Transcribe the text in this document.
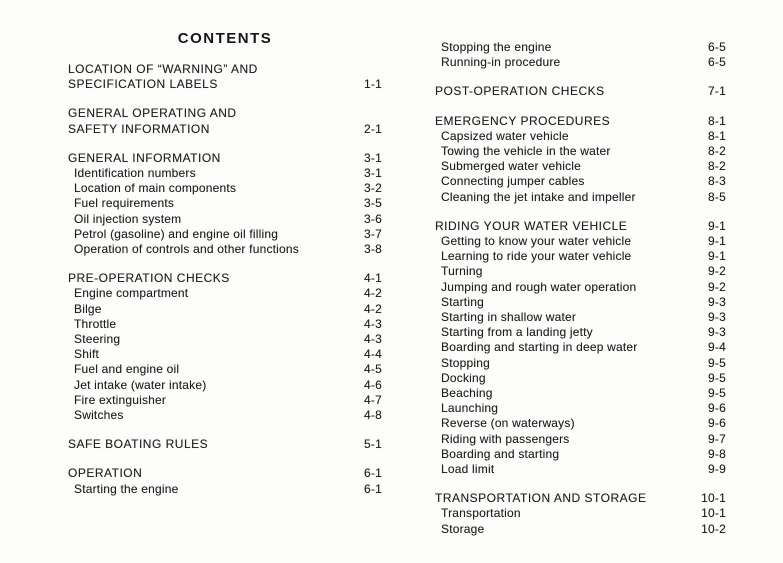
CONTENTS
LOCATION OF “WARNING” AND SPECIFICATION LABELS	1-1
GENERAL OPERATING AND SAFETY INFORMATION	2-1
GENERAL INFORMATION	3-1
Identification numbers	3-1
Location of main components	3-2
Fuel requirements	3-5
Oil injection system	3-6
Petrol (gasoline) and engine oil filling	3-7
Operation of controls and other functions	3-8
PRE-OPERATION CHECKS	4-1
Engine compartment	4-2
Bilge	4-2
Throttle	4-3
Steering	4-3
Shift	4-4
Fuel and engine oil	4-5
Jet intake (water intake)	4-6
Fire extinguisher	4-7
Switches	4-8
SAFE BOATING RULES	5-1
OPERATION	6-1
Starting the engine	6-1
Stopping the engine	6-5
Running-in procedure	6-5
POST-OPERATION CHECKS	7-1
EMERGENCY PROCEDURES	8-1
Capsized water vehicle	8-1
Towing the vehicle in the water	8-2
Submerged water vehicle	8-2
Connecting jumper cables	8-3
Cleaning the jet intake and impeller	8-5
RIDING YOUR WATER VEHICLE	9-1
Getting to know your water vehicle	9-1
Learning to ride your water vehicle	9-1
Turning	9-2
Jumping and rough water operation	9-2
Starting	9-3
Starting in shallow water	9-3
Starting from a landing jetty	9-3
Boarding and starting in deep water	9-4
Stopping	9-5
Docking	9-5
Beaching	9-5
Launching	9-6
Reverse (on waterways)	9-6
Riding with passengers	9-7
Boarding and starting	9-8
Load limit	9-9
TRANSPORTATION AND STORAGE	10-1
Transportation	10-1
Storage	10-2
